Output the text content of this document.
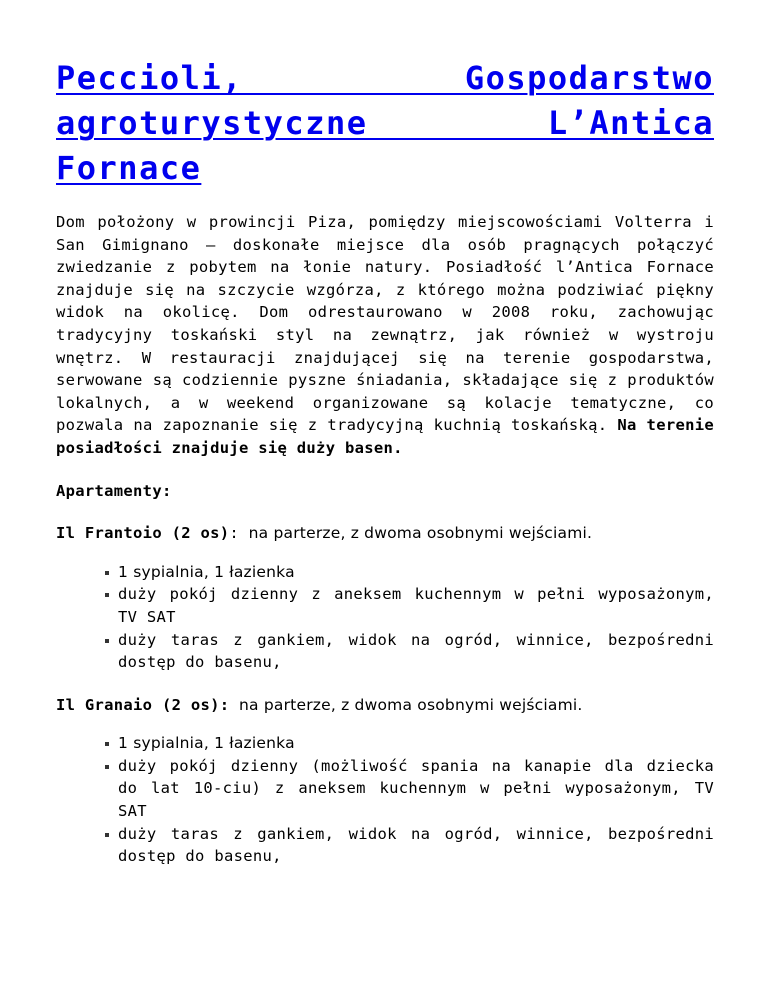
Peccioli, Gospodarstwo agroturystyczne L’Antica Fornace

Dom położony w prowincji Piza, pomiędzy miejscowościami Volterra i San Gimignano – doskonałe miejsce dla osób pragnących połączyć zwiedzanie z pobytem na łonie natury. Posiadłość l’Antica Fornace znajduje się na szczycie wzgórza, z którego można podziwiać piękny widok na okolicę. Dom odrestaurowano w 2008 roku, zachowując tradycyjny toskański styl na zewnątrz, jak również w wystroju wnętrz. W restauracji znajdującej się na terenie gospodarstwa, serwowane są codziennie pyszne śniadania, składające się z produktów lokalnych, a w weekend organizowane są kolacje tematyczne, co pozwala na zapoznanie się z tradycyjną kuchnią toskańską. Na terenie posiadłości znajduje się duży basen.

Apartamenty:

Il Frantoio (2 os): na parterze, z dwoma osobnymi wejściami.

1 sypialnia, 1 łazienka
duży pokój dzienny z aneksem kuchennym w pełni wyposażonym, TV SAT
duży taras z gankiem, widok na ogród, winnice, bezpośredni dostęp do basenu,

Il Granaio (2 os): na parterze, z dwoma osobnymi wejściami.

1 sypialnia, 1 łazienka
duży pokój dzienny (możliwość spania na kanapie dla dziecka do lat 10-ciu) z aneksem kuchennym w pełni wyposażonym, TV SAT
duży taras z gankiem, widok na ogród, winnice, bezpośredni dostęp do basenu,
